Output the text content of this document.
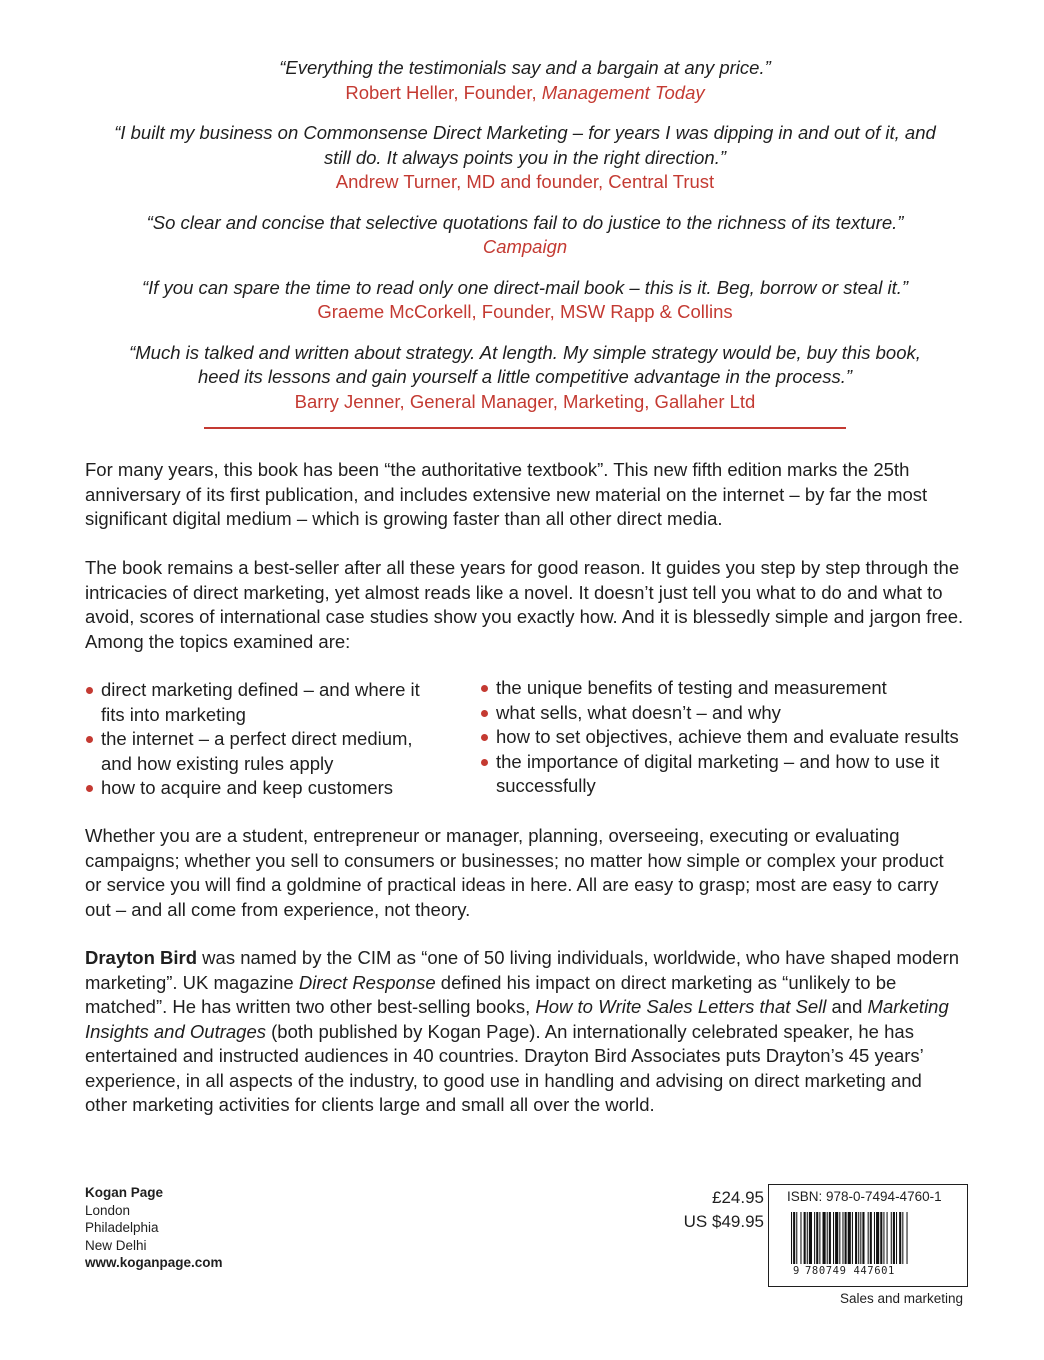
“Everything the testimonials say and a bargain at any price.”
Robert Heller, Founder, Management Today
“I built my business on Commonsense Direct Marketing – for years I was dipping in and out of it, and
still do. It always points you in the right direction.”
Andrew Turner, MD and founder, Central Trust
“So clear and concise that selective quotations fail to do justice to the richness of its texture.”
Campaign
“If you can spare the time to read only one direct-mail book – this is it. Beg, borrow or steal it.”
Graeme McCorkell, Founder, MSW Rapp & Collins
“Much is talked and written about strategy. At length. My simple strategy would be, buy this book,
heed its lessons and gain yourself a little competitive advantage in the process.”
Barry Jenner, General Manager, Marketing, Gallaher Ltd
For many years, this book has been “the authoritative textbook”. This new fifth edition marks the 25th anniversary of its first publication, and includes extensive new material on the internet – by far the most significant digital medium – which is growing faster than all other direct media.
The book remains a best-seller after all these years for good reason. It guides you step by step through the intricacies of direct marketing, yet almost reads like a novel. It doesn’t just tell you what to do and what to avoid, scores of international case studies show you exactly how. And it is blessedly simple and jargon free. Among the topics examined are:
direct marketing defined – and where it fits into marketing
the internet – a perfect direct medium, and how existing rules apply
how to acquire and keep customers
the unique benefits of testing and measurement
what sells, what doesn’t – and why
how to set objectives, achieve them and evaluate results
the importance of digital marketing – and how to use it successfully
Whether you are a student, entrepreneur or manager, planning, overseeing, executing or evaluating campaigns; whether you sell to consumers or businesses; no matter how simple or complex your product or service you will find a goldmine of practical ideas in here. All are easy to grasp; most are easy to carry out – and all come from experience, not theory.
Drayton Bird was named by the CIM as “one of 50 living individuals, worldwide, who have shaped modern marketing”. UK magazine Direct Response defined his impact on direct marketing as “unlikely to be matched”. He has written two other best-selling books, How to Write Sales Letters that Sell and Marketing Insights and Outrages (both published by Kogan Page). An internationally celebrated speaker, he has entertained and instructed audiences in 40 countries. Drayton Bird Associates puts Drayton’s 45 years’ experience, in all aspects of the industry, to good use in handling and advising on direct marketing and other marketing activities for clients large and small all over the world.
Kogan Page
London
Philadelphia
New Delhi
www.koganpage.com
£24.95
US $49.95
ISBN: 978-0-7494-4760-1
9 780749 447601
Sales and marketing
